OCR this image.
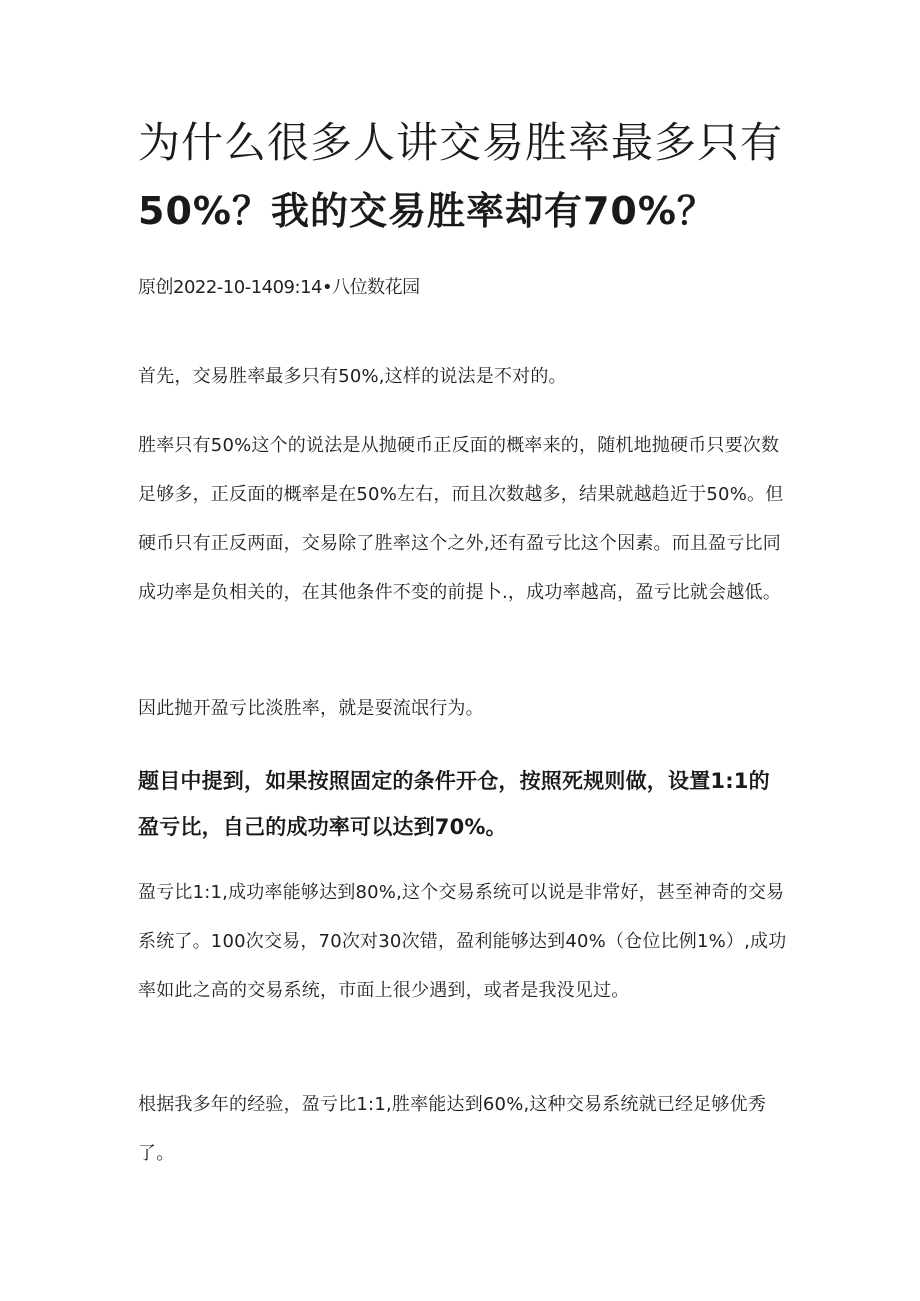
为什么很多人讲交易胜率最多只有
50%？我的交易胜率却有70%？
原创2022-10-1409:14•八位数花园

首先，交易胜率最多只有50%,这样的说法是不对的。

胜率只有50%这个的说法是从抛硬币正反面的概率来的，随机地抛硬币只要次数足够多，正反面的概率是在50%左右，而且次数越多，结果就越趋近于50%。但硬币只有正反两面，交易除了胜率这个之外,还有盈亏比这个因素。而且盈亏比同成功率是负相关的，在其他条件不变的前提卜.，成功率越高，盈亏比就会越低。

因此抛开盈亏比淡胜率，就是耍流氓行为。

题目中提到，如果按照固定的条件开仓，按照死规则做，设置1:1的盈亏比，自己的成功率可以达到70%。

盈亏比1:1,成功率能够达到80%,这个交易系统可以说是非常好，甚至神奇的交易系统了。100次交易，70次对30次错，盈利能够达到40%（仓位比例1%）,成功率如此之高的交易系统，市面上很少遇到，或者是我没见过。

根据我多年的经验，盈亏比1:1,胜率能达到60%,这种交易系统就已经足够优秀了。
